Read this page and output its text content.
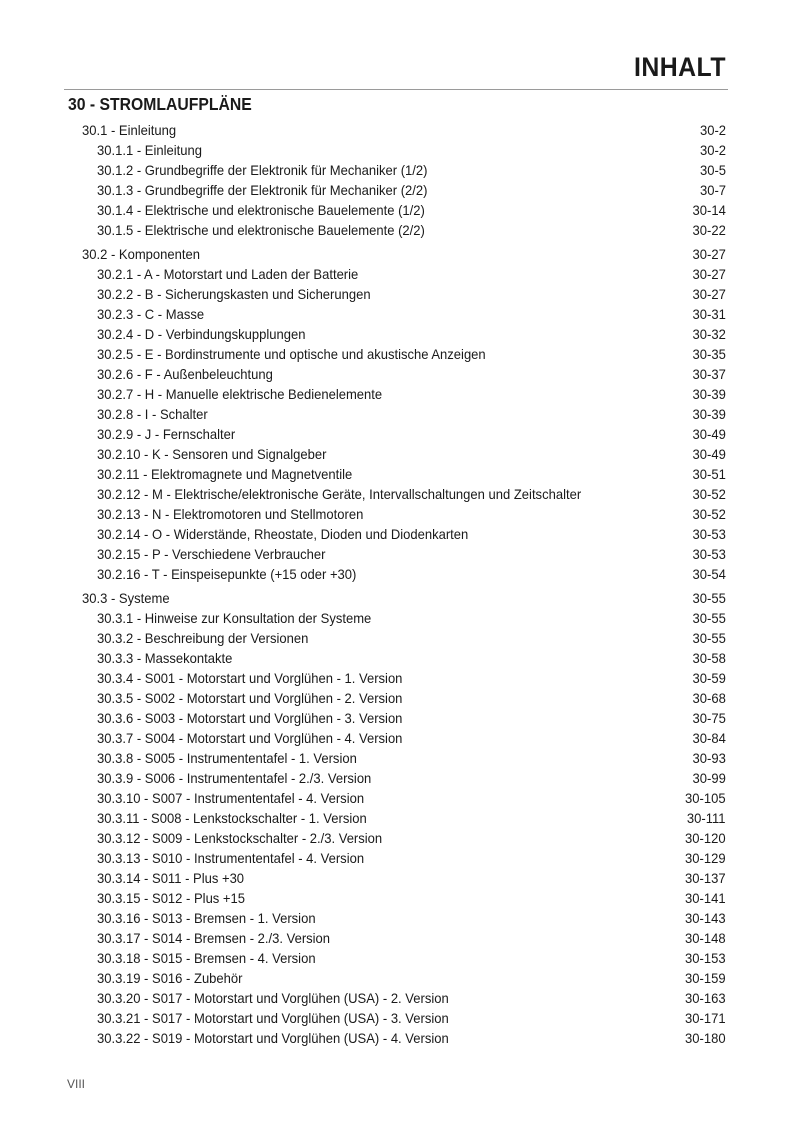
INHALT
30 - STROMLAUFPLÄNE
30.1 - Einleitung	30-2
30.1.1 - Einleitung	30-2
30.1.2 - Grundbegriffe der Elektronik für Mechaniker (1/2)	30-5
30.1.3 - Grundbegriffe der Elektronik für Mechaniker (2/2)	30-7
30.1.4 - Elektrische und elektronische Bauelemente (1/2)	30-14
30.1.5 - Elektrische und elektronische Bauelemente (2/2)	30-22
30.2 - Komponenten	30-27
30.2.1 - A - Motorstart und Laden der Batterie	30-27
30.2.2 - B - Sicherungskasten und Sicherungen	30-27
30.2.3 - C - Masse	30-31
30.2.4 - D - Verbindungskupplungen	30-32
30.2.5 - E - Bordinstrumente und optische und akustische Anzeigen	30-35
30.2.6 - F - Außenbeleuchtung	30-37
30.2.7 - H - Manuelle elektrische Bedienelemente	30-39
30.2.8 - I - Schalter	30-39
30.2.9 - J - Fernschalter	30-49
30.2.10 - K - Sensoren und Signalgeber	30-49
30.2.11 - Elektromagnete und Magnetventile	30-51
30.2.12 - M - Elektrische/elektronische Geräte, Intervallschaltungen und Zeitschalter	30-52
30.2.13 - N - Elektromotoren und Stellmotoren	30-52
30.2.14 - O - Widerstände, Rheostate, Dioden und Diodenkarten	30-53
30.2.15 - P - Verschiedene Verbraucher	30-53
30.2.16 - T - Einspeisepunkte (+15 oder +30)	30-54
30.3 - Systeme	30-55
30.3.1 - Hinweise zur Konsultation der Systeme	30-55
30.3.2 - Beschreibung der Versionen	30-55
30.3.3 - Massekontakte	30-58
30.3.4 - S001 - Motorstart und Vorglühen - 1. Version	30-59
30.3.5 - S002 - Motorstart und Vorglühen - 2. Version	30-68
30.3.6 - S003 - Motorstart und Vorglühen - 3. Version	30-75
30.3.7 - S004 - Motorstart und Vorglühen - 4. Version	30-84
30.3.8 - S005 - Instrumententafel - 1. Version	30-93
30.3.9 - S006 - Instrumententafel - 2./3. Version	30-99
30.3.10 - S007 - Instrumententafel - 4. Version	30-105
30.3.11 - S008 - Lenkstockschalter - 1. Version	30-111
30.3.12 - S009 - Lenkstockschalter - 2./3. Version	30-120
30.3.13 - S010 - Instrumententafel - 4. Version	30-129
30.3.14 - S011 - Plus +30	30-137
30.3.15 - S012 - Plus +15	30-141
30.3.16 - S013 - Bremsen - 1. Version	30-143
30.3.17 - S014 - Bremsen - 2./3. Version	30-148
30.3.18 - S015 - Bremsen - 4. Version	30-153
30.3.19 - S016 - Zubehör	30-159
30.3.20 - S017 - Motorstart und Vorglühen (USA) - 2. Version	30-163
30.3.21 - S017 - Motorstart und Vorglühen (USA) - 3. Version	30-171
30.3.22 - S019 - Motorstart und Vorglühen (USA) - 4. Version	30-180
VIII
